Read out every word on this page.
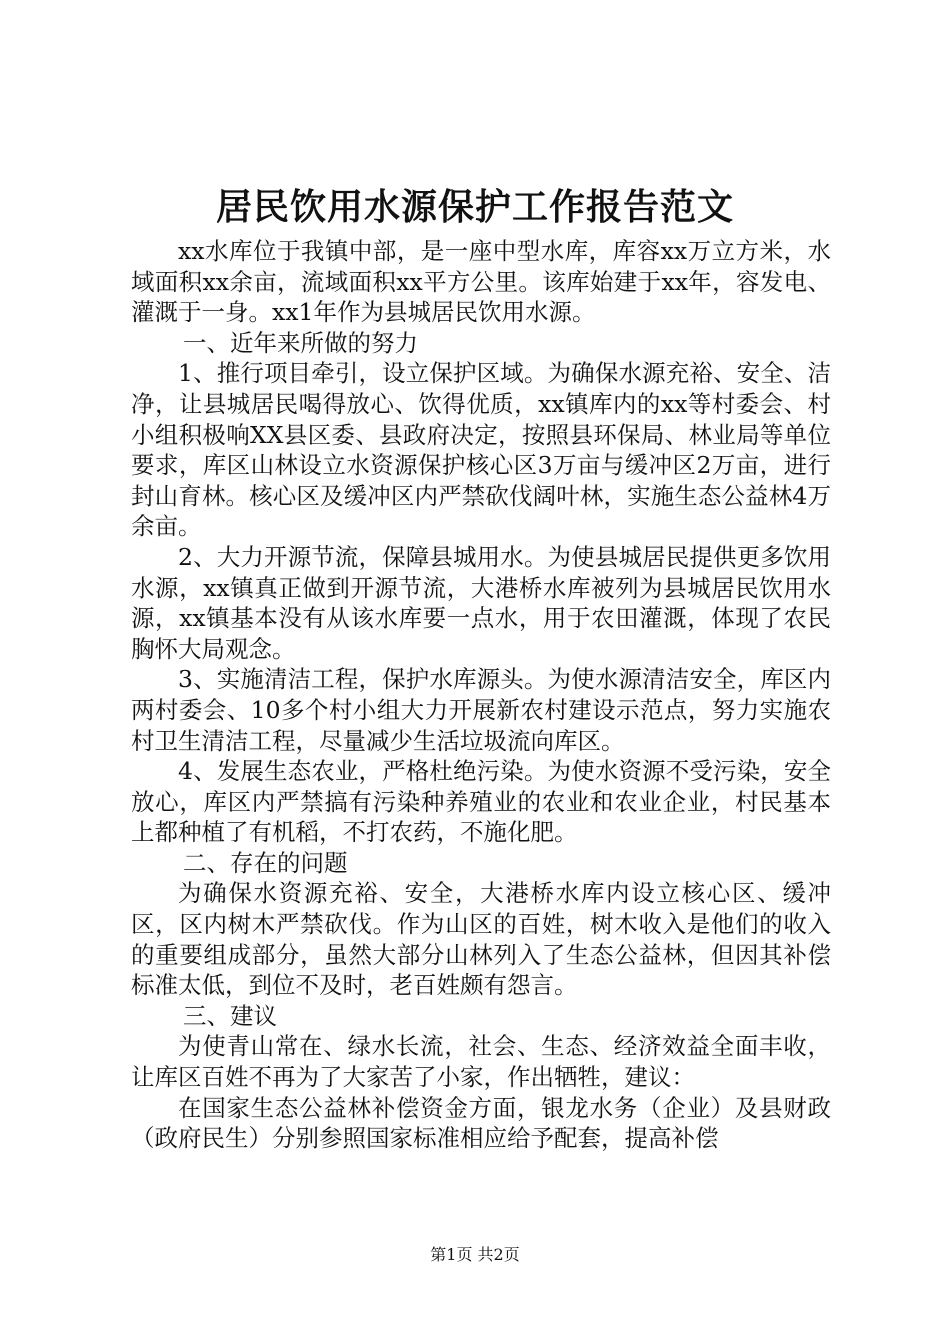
居民饮用水源保护工作报告范文

xx水库位于我镇中部，是一座中型水库，库容xx万立方米，水域面积xx余亩，流域面积xx平方公里。该库始建于xx年，容发电、灌溉于一身。xx1年作为县城居民饮用水源。

一、近年来所做的努力

1、推行项目牵引，设立保护区域。为确保水源充裕、安全、洁净，让县城居民喝得放心、饮得优质，xx镇库内的xx等村委会、村小组积极响XX县区委、县政府决定，按照县环保局、林业局等单位要求，库区山林设立水资源保护核心区3万亩与缓冲区2万亩，进行封山育林。核心区及缓冲区内严禁砍伐阔叶林，实施生态公益林4万余亩。

2、大力开源节流，保障县城用水。为使县城居民提供更多饮用水源，xx镇真正做到开源节流，大港桥水库被列为县城居民饮用水源，xx镇基本没有从该水库要一点水，用于农田灌溉，体现了农民胸怀大局观念。

3、实施清洁工程，保护水库源头。为使水源清洁安全，库区内两村委会、10多个村小组大力开展新农村建设示范点，努力实施农村卫生清洁工程，尽量减少生活垃圾流向库区。

4、发展生态农业，严格杜绝污染。为使水资源不受污染，安全放心，库区内严禁搞有污染种养殖业的农业和农业企业，村民基本上都种植了有机稻，不打农药，不施化肥。

二、存在的问题

为确保水资源充裕、安全，大港桥水库内设立核心区、缓冲区，区内树木严禁砍伐。作为山区的百姓，树木收入是他们的收入的重要组成部分，虽然大部分山林列入了生态公益林，但因其补偿标准太低，到位不及时，老百姓颇有怨言。

三、建议

为使青山常在、绿水长流，社会、生态、经济效益全面丰收，让库区百姓不再为了大家苦了小家，作出牺牲，建议：

在国家生态公益林补偿资金方面，银龙水务（企业）及县财政（政府民生）分别参照国家标准相应给予配套，提高补偿

第1页 共2页
